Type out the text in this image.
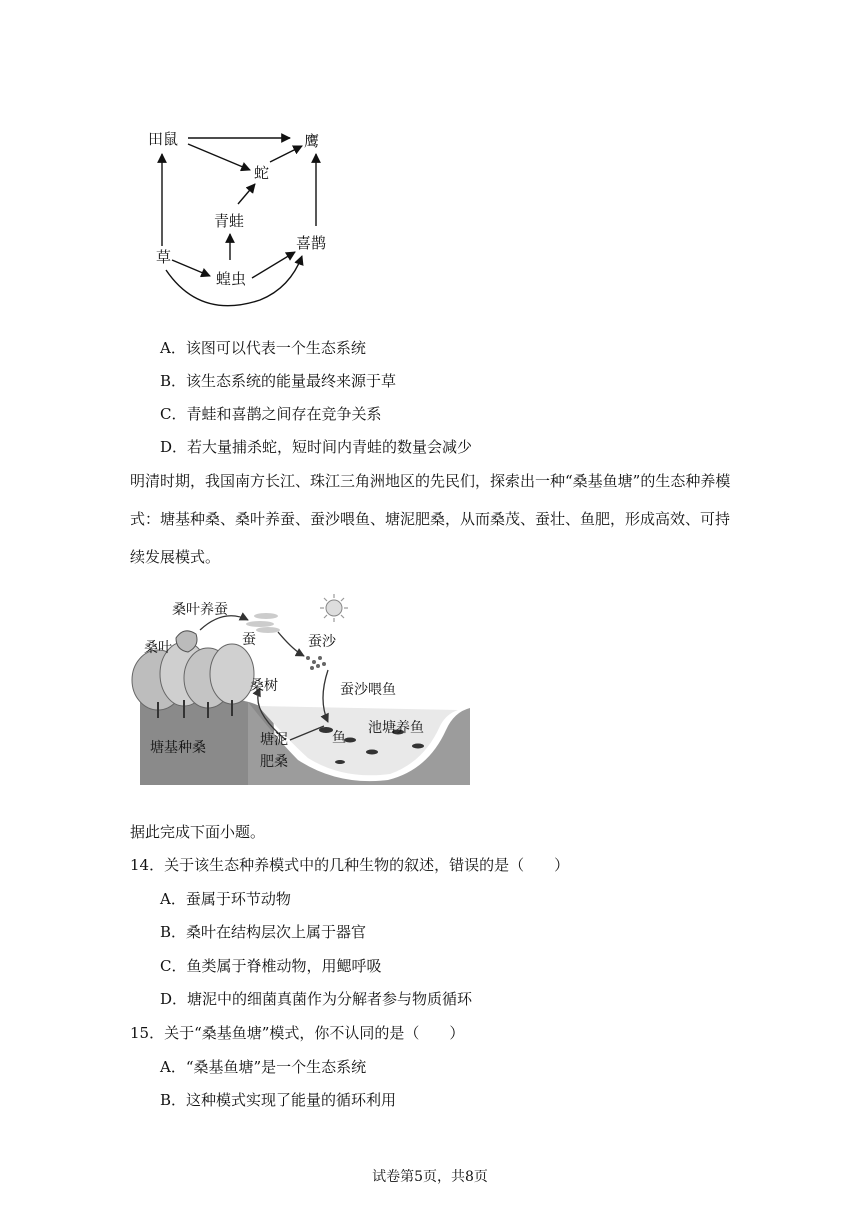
田鼠	鹰
蛇
青蛙
喜鹊
草
蝗虫
A．该图可以代表一个生态系统
B．该生态系统的能量最终来源于草
C．青蛙和喜鹊之间存在竞争关系
D．若大量捕杀蛇，短时间内青蛙的数量会减少
明清时期，我国南方长江、珠江三角洲地区的先民们，探索出一种“桑基鱼塘”的生态种养模式：塘基种桑、桑叶养蚕、蚕沙喂鱼、塘泥肥桑，从而桑茂、蚕壮、鱼肥，形成高效、可持续发展模式。
桑叶养蚕
蚕	蚕沙
桑叶
桑树	蚕沙喂鱼
塘基种桑	塘泥
肥桑
鱼
池塘养鱼
据此完成下面小题。
14．关于该生态种养模式中的几种生物的叙述，错误的是（　　）
A．蚕属于环节动物
B．桑叶在结构层次上属于器官
C．鱼类属于脊椎动物，用鳃呼吸
D．塘泥中的细菌真菌作为分解者参与物质循环
15．关于“桑基鱼塘”模式，你不认同的是（　　）
A．“桑基鱼塘”是一个生态系统
B．这种模式实现了能量的循环利用
试卷第5页，共8页
